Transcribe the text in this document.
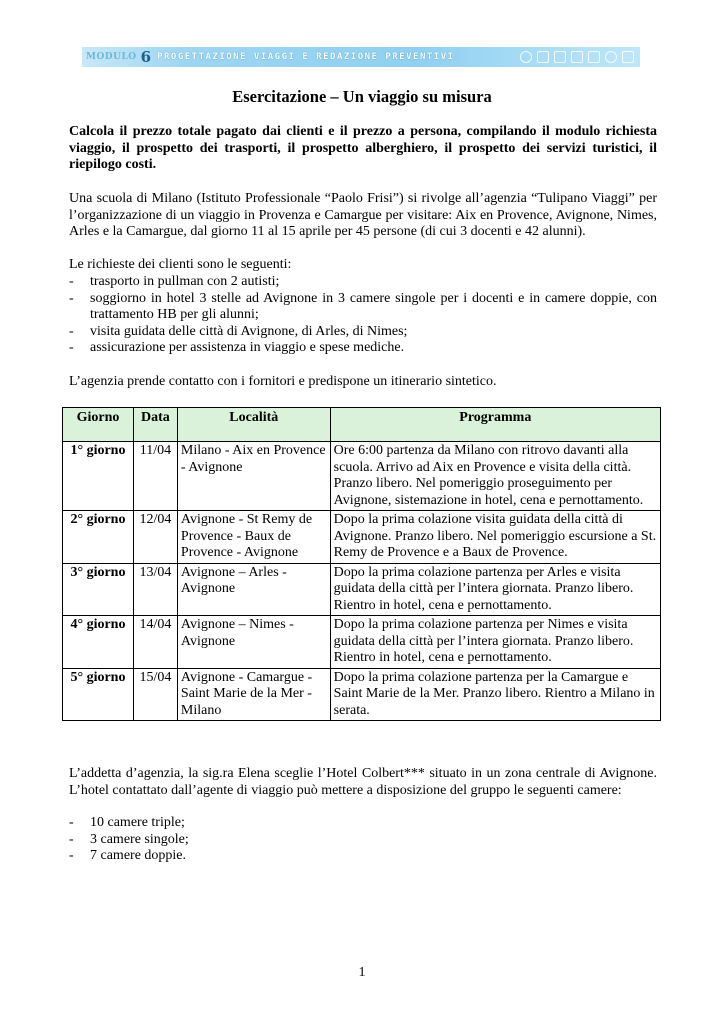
MODULO 6 PROGETTAZIONE VIAGGI E REDAZIONE PREVENTIVI
Esercitazione – Un viaggio su misura

Calcola il prezzo totale pagato dai clienti e il prezzo a persona, compilando il modulo richiesta viaggio, il prospetto dei trasporti, il prospetto alberghiero, il prospetto dei servizi turistici, il riepilogo costi.

Una scuola di Milano (Istituto Professionale “Paolo Frisi”) si rivolge all’agenzia “Tulipano Viaggi” per l’organizzazione di un viaggio in Provenza e Camargue per visitare: Aix en Provence, Avignone, Nimes, Arles e la Camargue, dal giorno 11 al 15 aprile per 45 persone (di cui 3 docenti e 42 alunni).

Le richieste dei clienti sono le seguenti:

- trasporto in pullman con 2 autisti;
- soggiorno in hotel 3 stelle ad Avignone in 3 camere singole per i docenti e in camere doppie, con trattamento HB per gli alunni;
- visita guidata delle città di Avignone, di Arles, di Nimes;
- assicurazione per assistenza in viaggio e spese mediche.

L’agenzia prende contatto con i fornitori e predispone un itinerario sintetico.

Giorno	Data	Località	Programma
1° giorno	11/04	Milano - Aix en Provence - Avignone	Ore 6:00 partenza da Milano con ritrovo davanti alla scuola. Arrivo ad Aix en Provence e visita della città. Pranzo libero. Nel pomeriggio proseguimento per Avignone, sistemazione in hotel, cena e pernottamento.
2° giorno	12/04	Avignone - St Remy de Provence - Baux de Provence - Avignone	Dopo la prima colazione visita guidata della città di Avignone. Pranzo libero. Nel pomeriggio escursione a St. Remy de Provence e a Baux de Provence.
3° giorno	13/04	Avignone – Arles - Avignone	Dopo la prima colazione partenza per Arles e visita guidata della città per l’intera giornata. Pranzo libero. Rientro in hotel, cena e pernottamento.
4° giorno	14/04	Avignone – Nimes - Avignone	Dopo la prima colazione partenza per Nimes e visita guidata della città per l’intera giornata. Pranzo libero. Rientro in hotel, cena e pernottamento.
5° giorno	15/04	Avignone - Camargue - Saint Marie de la Mer - Milano	Dopo la prima colazione partenza per la Camargue e Saint Marie de la Mer. Pranzo libero. Rientro a Milano in serata.

L’addetta d’agenzia, la sig.ra Elena sceglie l’Hotel Colbert*** situato in un zona centrale di Avignone. L’hotel contattato dall’agente di viaggio può mettere a disposizione del gruppo le seguenti camere:

- 10 camere triple;
- 3 camere singole;
- 7 camere doppie.
1
